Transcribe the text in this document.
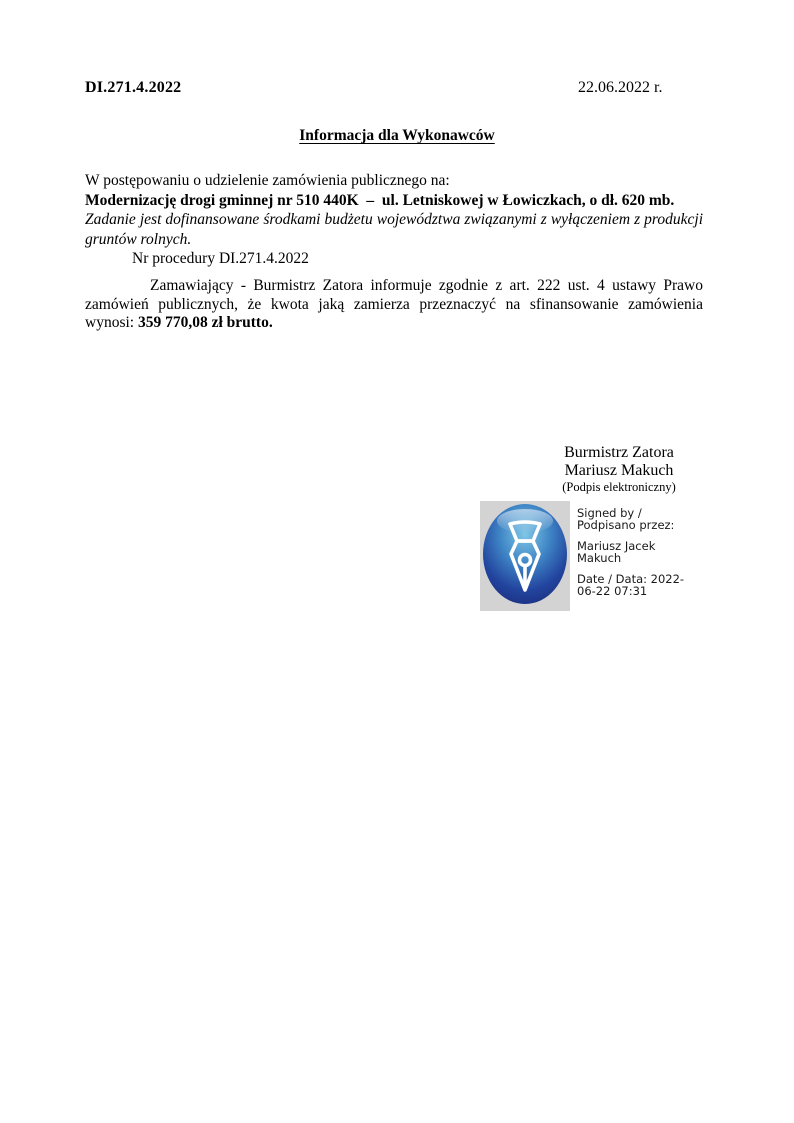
DI.271.4.2022	22.06.2022 r.
Informacja dla Wykonawców
W postępowaniu o udzielenie zamówienia publicznego na:
Modernizację drogi gminnej nr 510 440K  –  ul. Letniskowej w Łowiczkach, o dł. 620 mb.
Zadanie jest dofinansowane środkami budżetu województwa związanymi z wyłączeniem z produkcji
gruntów rolnych.
Nr procedury DI.271.4.2022
Zamawiający - Burmistrz Zatora informuje zgodnie z art. 222 ust. 4 ustawy Prawo
zamówień publicznych, że kwota jaką zamierza przeznaczyć na sfinansowanie zamówienia
wynosi: 359 770,08 zł brutto.
Burmistrz Zatora
Mariusz Makuch
(Podpis elektroniczny)
Signed by /
Podpisano przez:
Mariusz Jacek
Makuch
Date / Data: 2022-
06-22 07:31
